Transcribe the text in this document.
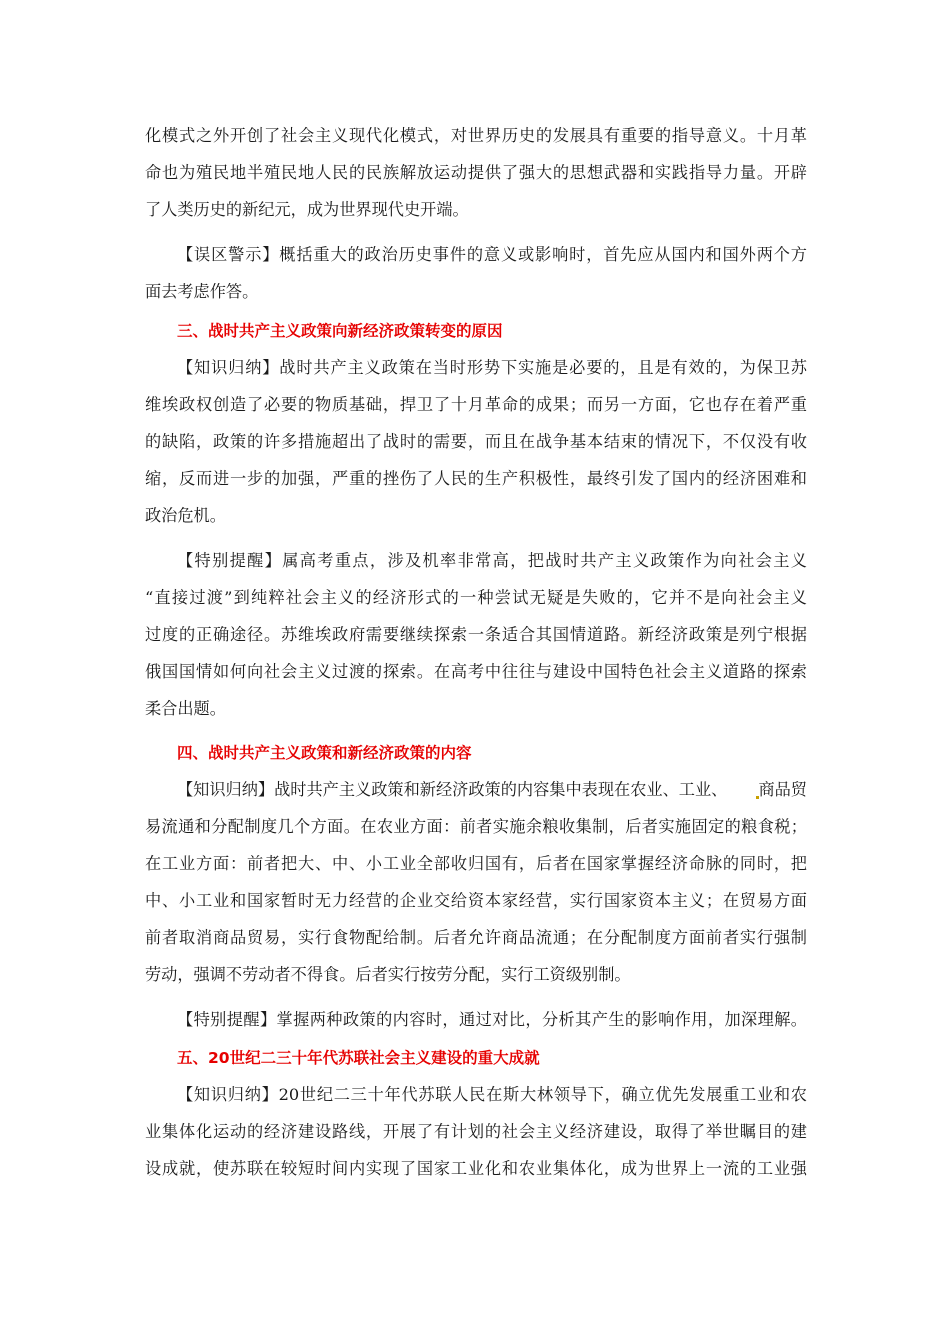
化模式之外开创了社会主义现代化模式，对世界历史的发展具有重要的指导意义。十月革
命也为殖民地半殖民地人民的民族解放运动提供了强大的思想武器和实践指导力量。开辟
了人类历史的新纪元，成为世界现代史开端。
【误区警示】概括重大的政治历史事件的意义或影响时，首先应从国内和国外两个方
面去考虑作答。
三、战时共产主义政策向新经济政策转变的原因
【知识归纳】战时共产主义政策在当时形势下实施是必要的，且是有效的，为保卫苏
维埃政权创造了必要的物质基础，捍卫了十月革命的成果；而另一方面，它也存在着严重
的缺陷，政策的许多措施超出了战时的需要，而且在战争基本结束的情况下，不仅没有收
缩，反而进一步的加强，严重的挫伤了人民的生产积极性，最终引发了国内的经济困难和
政治危机。
【特别提醒】属高考重点，涉及机率非常高，把战时共产主义政策作为向社会主义
“直接过渡”到纯粹社会主义的经济形式的一种尝试无疑是失败的，它并不是向社会主义
过度的正确途径。苏维埃政府需要继续探索一条适合其国情道路。新经济政策是列宁根据
俄国国情如何向社会主义过渡的探索。在高考中往往与建设中国特色社会主义道路的探索
柔合出题。
四、战时共产主义政策和新经济政策的内容
【知识归纳】战时共产主义政策和新经济政策的内容集中表现在农业、工业、 商品贸
易流通和分配制度几个方面。在农业方面：前者实施余粮收集制，后者实施固定的粮食税；
在工业方面：前者把大、中、小工业全部收归国有，后者在国家掌握经济命脉的同时，把
中、小工业和国家暂时无力经营的企业交给资本家经营，实行国家资本主义；在贸易方面
前者取消商品贸易，实行食物配给制。后者允许商品流通；在分配制度方面前者实行强制
劳动，强调不劳动者不得食。后者实行按劳分配，实行工资级别制。
【特别提醒】掌握两种政策的内容时，通过对比，分析其产生的影响作用，加深理解。
五、20世纪二三十年代苏联社会主义建设的重大成就
【知识归纳】20世纪二三十年代苏联人民在斯大林领导下，确立优先发展重工业和农
业集体化运动的经济建设路线，开展了有计划的社会主义经济建设，取得了举世瞩目的建
设成就，使苏联在较短时间内实现了国家工业化和农业集体化，成为世界上一流的工业强
